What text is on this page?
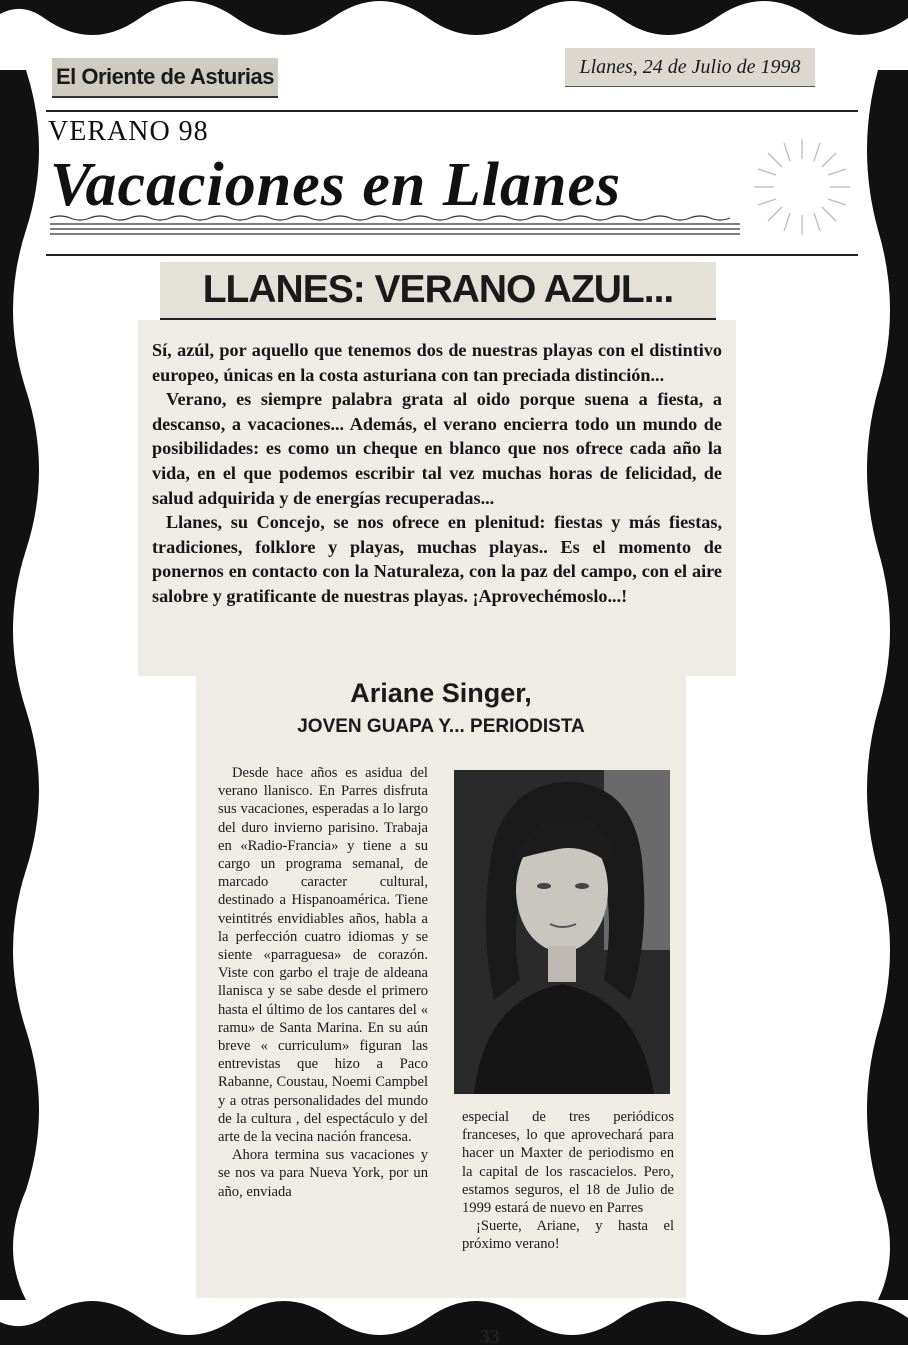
El Oriente de Asturias	Llanes, 24 de Julio de 1998
VERANO 98
Vacaciones en Llanes
LLANES: VERANO AZUL...

Sí, azúl, por aquello que tenemos dos de nuestras playas con el distintivo europeo, únicas en la costa asturiana con tan preciada distinción...

Verano, es siempre palabra grata al oido porque suena a fiesta, a descanso, a vacaciones... Además, el verano encierra todo un mundo de posibilidades: es como un cheque en blanco que nos ofrece cada año la vida, en el que podemos escribir tal vez muchas horas de felicidad, de salud adquirida y de energías recuperadas...

Llanes, su Concejo, se nos ofrece en plenitud: fiestas y más fiestas, tradiciones, folklore y playas, muchas playas.. Es el momento de ponernos en contacto con la Naturaleza, con la paz del campo, con el aire salobre y gratificante de nuestras playas. ¡Aprovechémoslo...!

Ariane Singer,
JOVEN GUAPA Y... PERIODISTA

Desde hace años es asidua del verano llanisco. En Parres disfruta sus vacaciones, esperadas a lo largo del duro invierno parisino. Trabaja en «Radio-Francia» y tiene a su cargo un programa semanal, de marcado caracter cultural, destinado a Hispanoamérica. Tiene veintitrés envidiables años, habla a la perfección cuatro idiomas y se siente «parraguesa» de corazón. Viste con garbo el traje de aldeana llanisca y se sabe desde el primero hasta el último de los cantares del « ramu» de Santa Marina. En su aún breve « curriculum» figuran las entrevistas que hizo a Paco Rabanne, Coustau, Noemi Campbel y a otras personalidades del mundo de la cultura , del espectáculo y del arte de la vecina nación francesa.

Ahora termina sus vacaciones y se nos va para Nueva York, por un año, enviada

especial de tres periódicos franceses, lo que aprovechará para hacer un Maxter de periodismo en la capital de los rascacielos. Pero, estamos seguros, el 18 de Julio de 1999 estará de nuevo en Parres

¡Suerte, Ariane, y hasta el próximo verano!

33
